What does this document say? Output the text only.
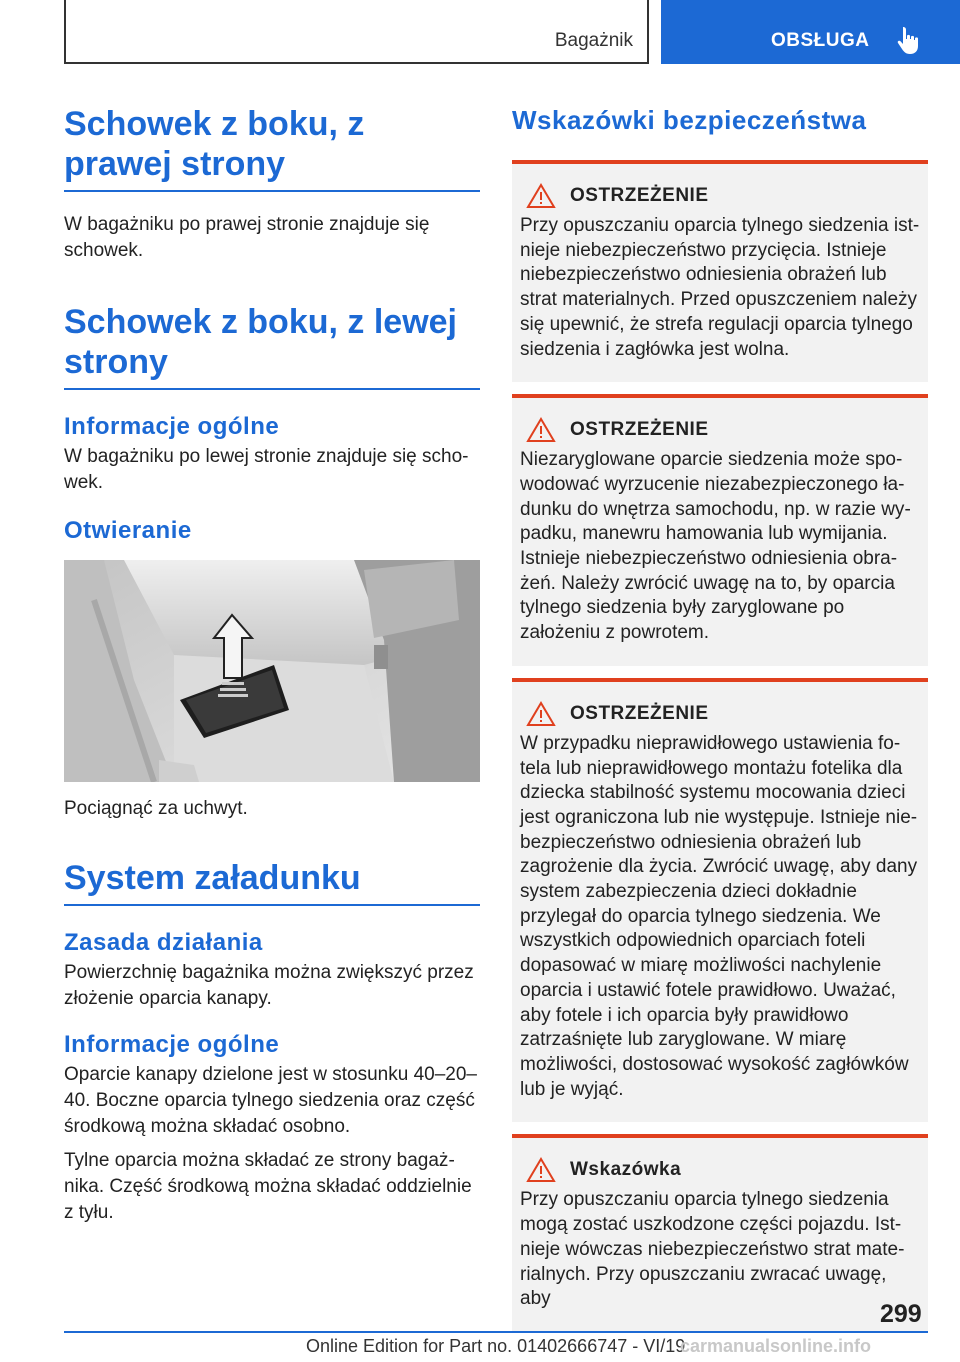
Bagażnik	OBSŁUGA
Schowek z boku, z prawej strony

W bagażniku po prawej stronie znajduje się schowek.

Schowek z boku, z lewej strony
Informacje ogólne

W bagażniku po lewej stronie znajduje się schowek.

Otwieranie

Pociągnąć za uchwyt.

System załadunku
Zasada działania

Powierzchnię bagażnika można zwiększyć przez złożenie oparcia kanapy.

Informacje ogólne

Oparcie kanapy dzielone jest w stosunku 40–20–40. Boczne oparcia tylnego siedzenia oraz część środkową można składać osobno.

Tylne oparcia można składać ze strony bagażnika. Część środkową można składać oddzielnie z tyłu.

Wskazówki bezpieczeństwa
OSTRZEŻENIE

Przy opuszczaniu oparcia tylnego siedzenia istnieje niebezpieczeństwo przycięcia. Istnieje niebezpieczeństwo odniesienia obrażeń lub strat materialnych. Przed opuszczeniem należy się upewnić, że strefa regulacji oparcia tylnego siedzenia i zagłówka jest wolna.

OSTRZEŻENIE

Niezaryglowane oparcie siedzenia może spowodować wyrzucenie niezabezpieczonego ładunku do wnętrza samochodu, np. w razie wypadku, manewru hamowania lub wymijania. Istnieje niebezpieczeństwo odniesienia obrażeń. Należy zwrócić uwagę na to, by oparcia tylnego siedzenia były zaryglowane po założeniu z powrotem.

OSTRZEŻENIE

W przypadku nieprawidłowego ustawienia fotela lub nieprawidłowego montażu fotelika dla dziecka stabilność systemu mocowania dzieci jest ograniczona lub nie występuje. Istnieje niebezpieczeństwo odniesienia obrażeń lub zagrożenie dla życia. Zwrócić uwagę, aby dany system zabezpieczenia dzieci dokładnie przylegał do oparcia tylnego siedzenia. We wszystkich odpowiednich oparciach foteli dopasować w miarę możliwości nachylenie oparcia i ustawić fotele prawidłowo. Uważać, aby fotele i ich oparcia były prawidłowo zatrzaśnięte lub zaryglowane. W miarę możliwości, dostosować wysokość zagłówków lub je wyjąć.

Wskazówka

Przy opuszczaniu oparcia tylnego siedzenia mogą zostać uszkodzone części pojazdu. Istnieje wówczas niebezpieczeństwo strat materialnych. Przy opuszczaniu zwracać uwagę, aby

299
Online Edition for Part no. 01402666747 - VI/19
carmanualsonline.info
